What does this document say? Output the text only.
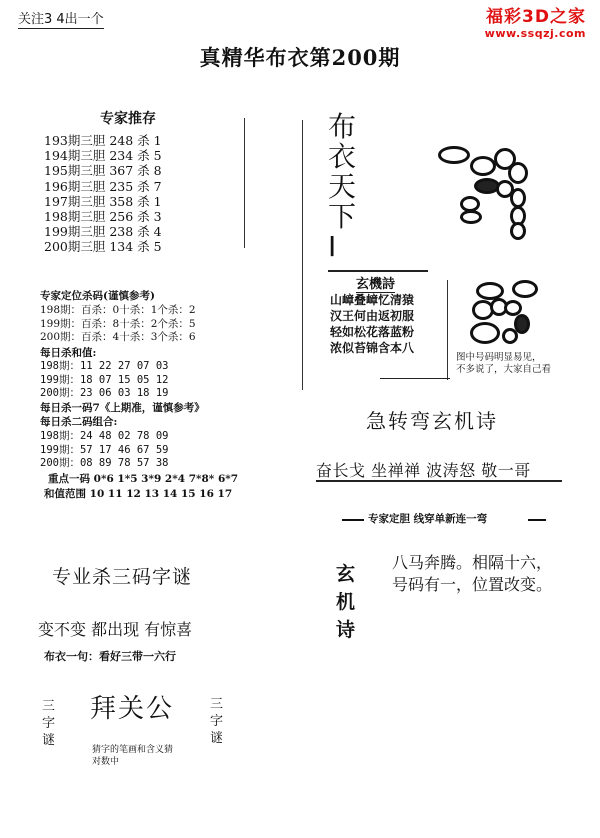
关注3 4出一个	福彩3D之家
www.ssqzj.com
真精华布衣第200期
专家推存
193期三胆 248 杀 1
194期三胆 234 杀 5
195期三胆 367 杀 8
196期三胆 235 杀 7
197期三胆 358 杀 1
198期三胆 256 杀 3
199期三胆 238 杀 4
200期三胆 134 杀 5
专家定位杀码(谨慎参考)
198期：百杀：0十杀：1个杀：2
199期：百杀：8十杀：2个杀：5
200期：百杀：4十杀：3个杀：6
每日杀和值:
198期：11 22 27 07 03
199期：18 07 15 05 12
200期：23 06 03 18 19
每日杀一码7《上期准，谨慎参考》
每日杀二码组合:
198期：24 48 02 78 09
199期：57 17 46 67 59
200期：08 89 78 57 38
重点一码 0*6 1*5 3*9 2*4 7*8* 6*7
和值范围 10 11 12 13 14 15 16 17
专业杀三码字谜
变不变 都出现 有惊喜
布衣一句：看好三带一六行
三字谜
三字谜
拜关公
猜字的笔画和含义猜
对数中
布衣天下I
玄機詩
山嶂叠嶂忆清猿
汉王何由返初服
轻如松花落蓝粉
浓似苔锦含本八
图中号码明显易见，
不多说了，大家自己看
急转弯玄机诗
奋长戈 坐禅禅 波涛怒 敬一哥
专家定胆 线穿单新连一弯
玄机诗
八马奔腾。相隔十六，
号码有一，位置改变。
